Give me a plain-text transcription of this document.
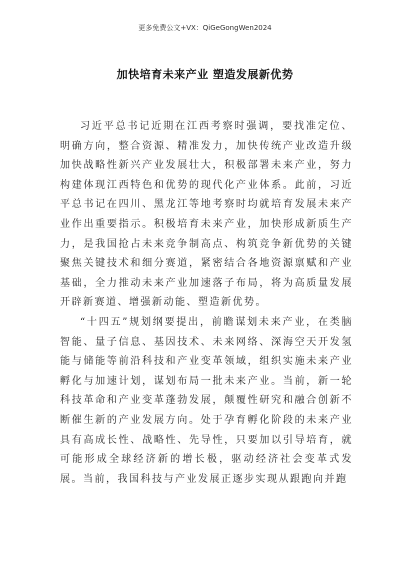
更多免费公文+VX：QiGeGongWen2024
加快培育未来产业 塑造发展新优势

习近平总书记近期在江西考察时强调，要找准定位、明确方向，整合资源、精准发力，加快传统产业改造升级加快战略性新兴产业发展壮大，积极部署未来产业，努力构建体现江西特色和优势的现代化产业体系。此前，习近平总书记在四川、黑龙江等地考察时均就培育发展未来产业作出重要指示。积极培育未来产业，加快形成新质生产力，是我国抢占未来竞争制高点、构筑竞争新优势的关键聚焦关键技术和细分赛道，紧密结合各地资源禀赋和产业基础，全力推动未来产业加速落子布局，将为高质量发展开辟新赛道、增强新动能、塑造新优势。

“十四五”规划纲要提出，前瞻谋划未来产业，在类脑智能、量子信息、基因技术、未来网络、深海空天开发氢能与储能等前沿科技和产业变革领域，组织实施未来产业孵化与加速计划，谋划布局一批未来产业。当前，新一轮科技革命和产业变革蓬勃发展，颠覆性研究和融合创新不断催生新的产业发展方向。处于孕育孵化阶段的未来产业具有高成长性、战略性、先导性，只要加以引导培育，就可能形成全球经济新的增长极，驱动经济社会变革式发展。当前，我国科技与产业发展正逐步实现从跟跑向并跑
